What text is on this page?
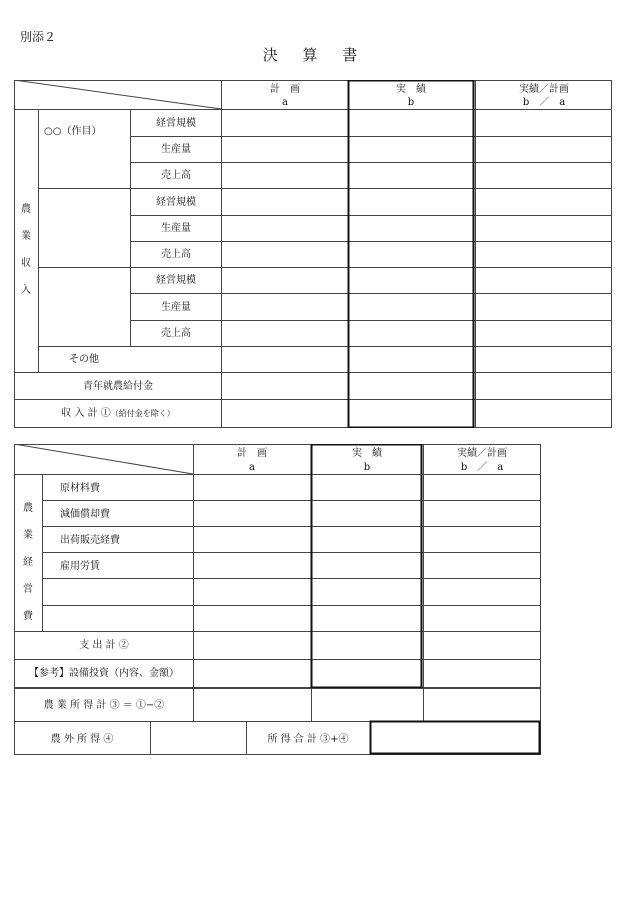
別添２
決 算 書
計　画
a
実　績
b
実績／計画
b　／　a
農
業
収
入
○○（作目）
経営規模
生産量
売上高
経営規模
生産量
売上高
経営規模
生産量
売上高
その他
青年就農給付金
収 入 計 ①（給付金を除く）
計　画
a
実　績
b
実績／計画
b　／　a
農
業
経
営
費
原材料費
減価償却費
出荷販売経費
雇用労賃
支 出 計 ②
【参考】設備投資（内容、金額）
農 業 所 得 計 ③ ＝ ①−②
農 外 所 得 ④	所 得 合 計 ③+④
